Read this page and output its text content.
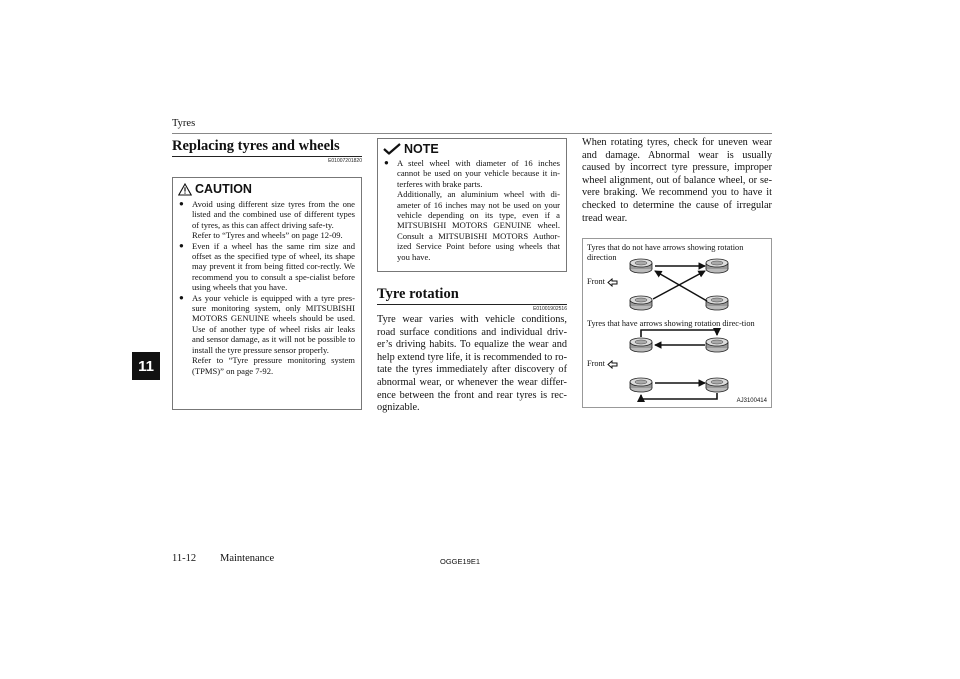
Tyres
11
Replacing tyres and wheels
E01007201820
CAUTION
● Avoid using different size tyres from the one listed and the combined use of different types of tyres, as this can affect driving safe-ty.
Refer to “Tyres and wheels” on page 12-09.
● Even if a wheel has the same rim size and offset as the specified type of wheel, its shape may prevent it from being fitted cor-rectly. We recommend you to consult a spe-cialist before using wheels that you have.
● As your vehicle is equipped with a tyre pres-sure monitoring system, only MITSUBISHI MOTORS GENUINE wheels should be used. Use of another type of wheel risks air leaks and sensor damage, as it will not be possible to install the tyre pressure sensor properly.
Refer to “Tyre pressure monitoring system (TPMS)” on page 7-92.
NOTE
● A steel wheel with diameter of 16 inches cannot be used on your vehicle because it in-terferes with brake parts.
Additionally, an aluminium wheel with di-ameter of 16 inches may not be used on your vehicle depending on its type, even if a MITSUBISHI MOTORS GENUINE wheel. Consult a MITSUBISHI MOTORS Author-ized Service Point before using wheels that you have.
Tyre rotation
E01001902516
Tyre wear varies with vehicle conditions, road surface conditions and individual driv-er’s driving habits. To equalize the wear and help extend tyre life, it is recommended to ro-tate the tyres immediately after discovery of abnormal wear, or whenever the wear differ-ence between the front and rear tyres is rec-ognizable.
When rotating tyres, check for uneven wear and damage. Abnormal wear is usually caused by incorrect tyre pressure, improper wheel alignment, out of balance wheel, or se-vere braking. We recommend you to have it checked to determine the cause of irregular tread wear.
Tyres that do not have arrows showing rotation direction
Front
Tyres that have arrows showing rotation direc-tion
Front
AJ3100414
11-12 Maintenance	OGGE19E1
